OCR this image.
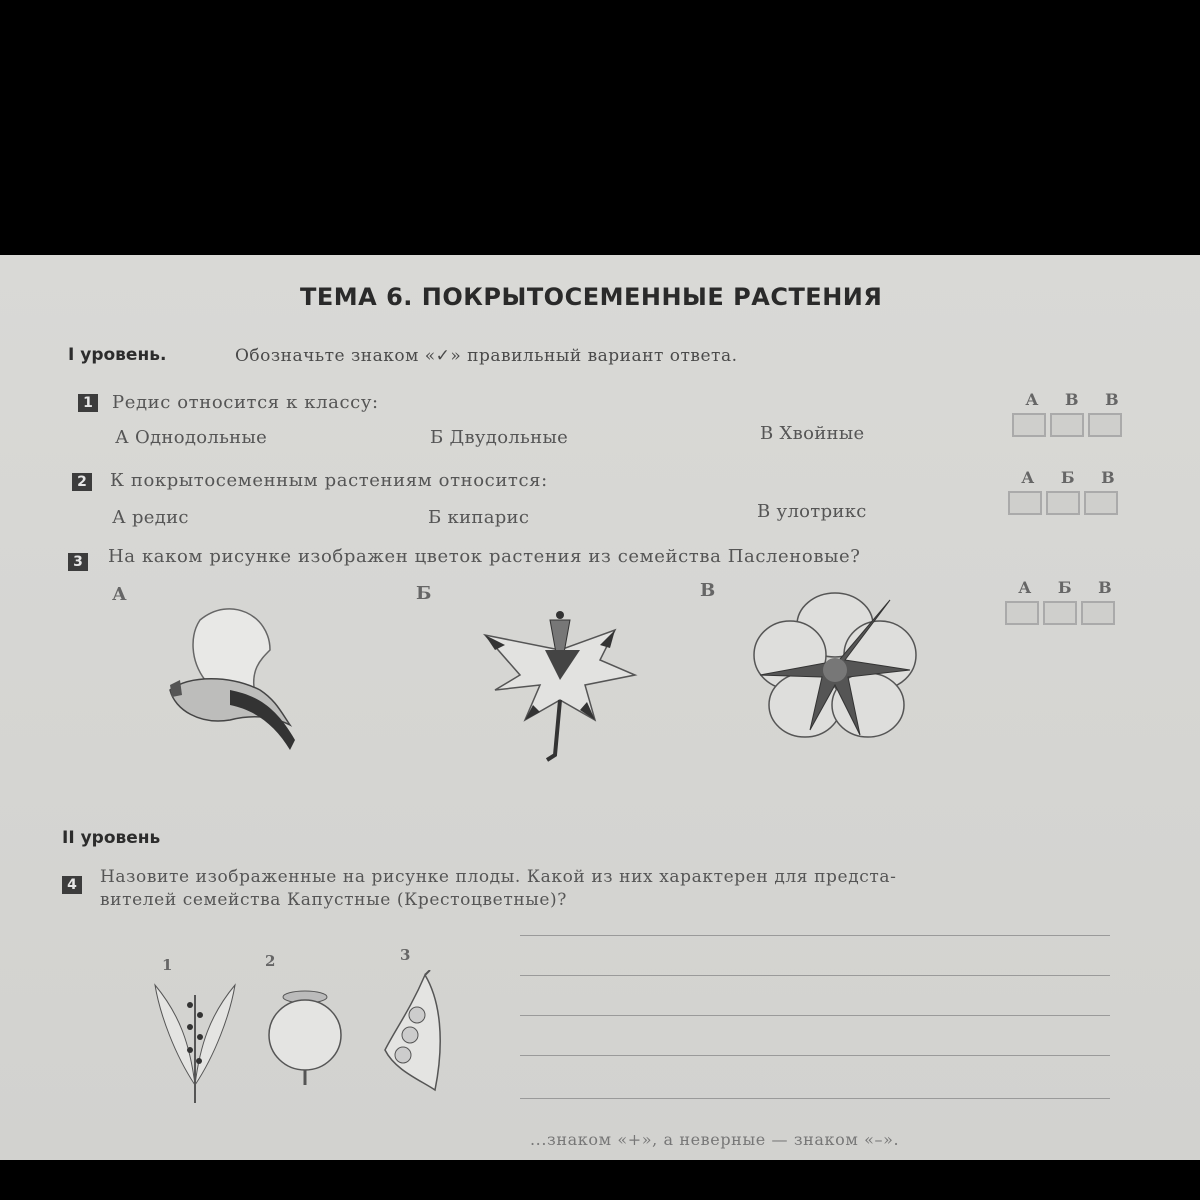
ТЕМА 6. ПОКРЫТОСЕМЕННЫЕ РАСТЕНИЯ
I уровень.	Обозначьте знаком «✓» правильный вариант ответа.
1 Редис относится к классу:
А Однодольные	Б Двудольные	В Хвойные
А В В
2 К покрытосеменным растениям относится:
А редис	Б кипарис	В улотрикс
А Б В
3 На каком рисунке изображен цветок растения из семейства Пасленовые?
А	Б	В	А Б В
II уровень
4	Назовите изображенные на рисунке плоды. Какой из них характерен для предста-
вителей семейства Капустные (Крестоцветные)?
1	2	3
...знаком «+», а неверные — знаком «–».
